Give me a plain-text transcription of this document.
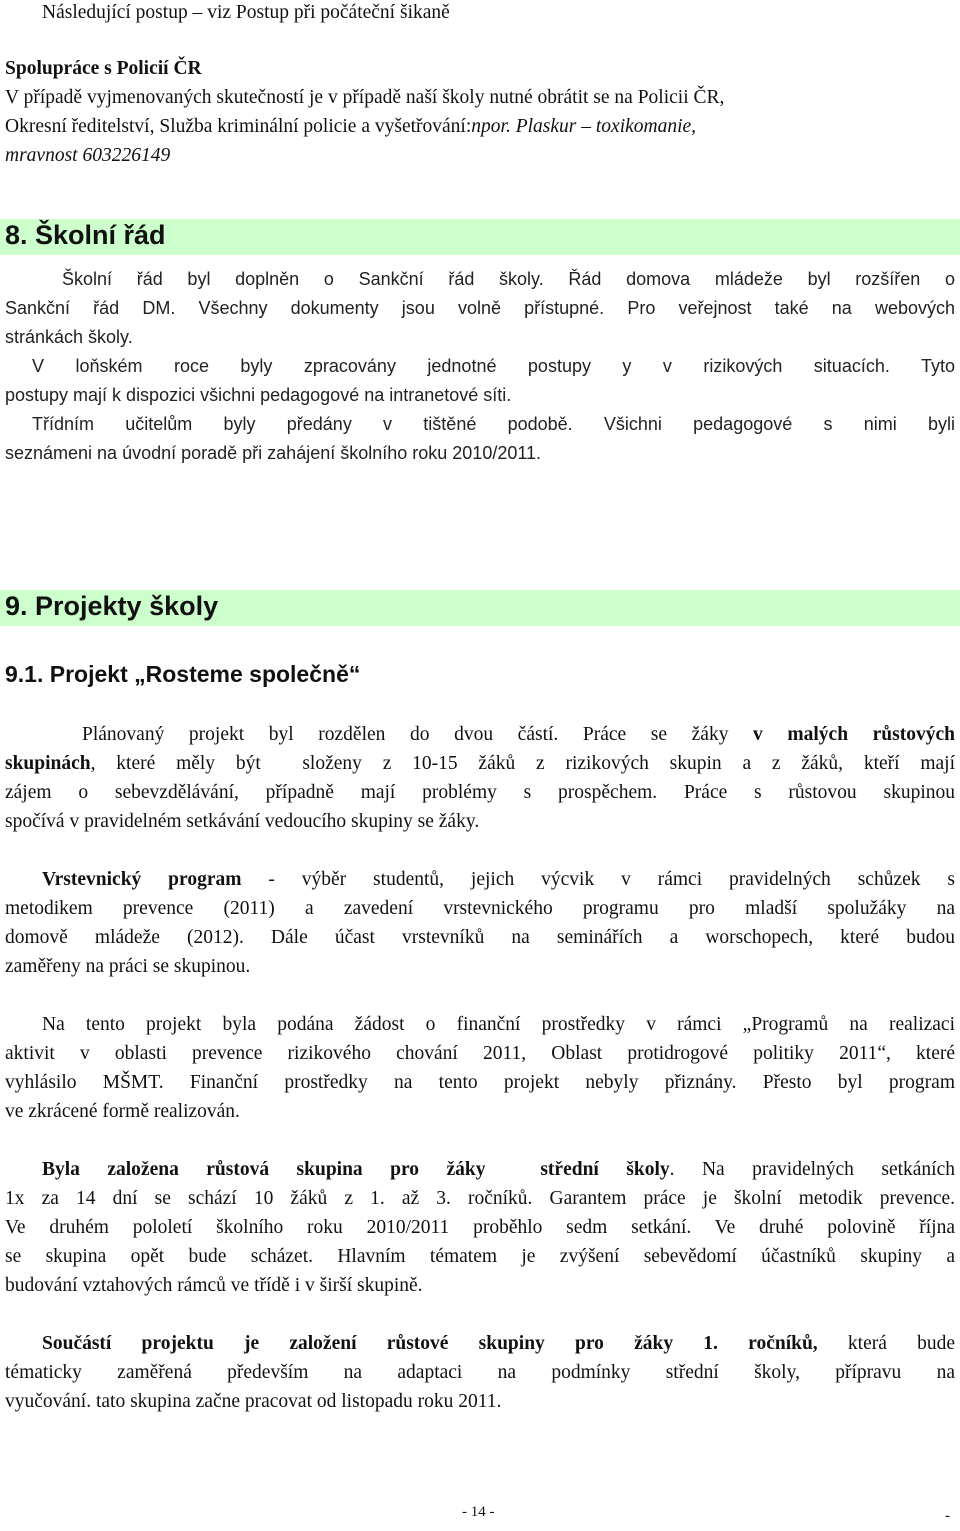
Následující postup – viz Postup při počáteční šikaně
Spolupráce s Policií ČR
V případě vyjmenovaných skutečností je v případě naší školy nutné obrátit se na Policii ČR,
Okresní ředitelství, Služba kriminální policie a vyšetřování:npor. Plaskur – toxikomanie,
mravnost 603226149
8. Školní řád
Školní řád byl doplněn o Sankční řád školy. Řád domova mládeže byl rozšířen o
Sankční řád DM. Všechny dokumenty jsou volně přístupné. Pro veřejnost také na webových
stránkách školy.
V loňském roce byly zpracovány jednotné postupy y v rizikových situacích. Tyto
postupy mají k dispozici všichni pedagogové na intranetové síti.
Třídním učitelům byly předány v tištěné podobě. Všichni pedagogové s nimi byli
seznámeni na úvodní poradě při zahájení školního roku 2010/2011.
9. Projekty školy
9.1. Projekt „Rosteme společně“
Plánovaný projekt byl rozdělen do dvou částí. Práce se žáky v malých růstových
skupinách, které měly být  složeny z 10-15 žáků z rizikových skupin a z žáků, kteří mají
zájem o sebevzdělávání, případně mají problémy s prospěchem. Práce s růstovou skupinou
spočívá v pravidelném setkávání vedoucího skupiny se žáky.
Vrstevnický program - výběr studentů, jejich výcvik v rámci pravidelných schůzek s
metodikem prevence (2011) a zavedení vrstevnického programu pro mladší spolužáky na
domově mládeže (2012). Dále účast vrstevníků na seminářích a worschopech, které budou
zaměřeny na práci se skupinou.
Na tento projekt byla podána žádost o finanční prostředky v rámci „Programů na realizaci
aktivit v oblasti prevence rizikového chování 2011, Oblast protidrogové politiky 2011“, které
vyhlásilo MŠMT. Finanční prostředky na tento projekt nebyly přiznány. Přesto byl program
ve zkrácené formě realizován.
Byla založena růstová skupina pro žáky  střední školy. Na pravidelných setkáních
1x za 14 dní se schází 10 žáků z 1. až 3. ročníků. Garantem práce je školní metodik prevence.
Ve druhém pololetí školního roku 2010/2011 proběhlo sedm setkání. Ve druhé polovině října
se skupina opět bude scházet. Hlavním tématem je zvýšení sebevědomí účastníků skupiny a
budování vztahových rámců ve třídě i v širší skupině.
Součástí projektu je založení růstové skupiny pro žáky 1. ročníků, která bude
tématicky zaměřená především na adaptaci na podmínky střední školy, přípravu na
vyučování. tato skupina začne pracovat od listopadu roku 2011.
- 14 -	-
